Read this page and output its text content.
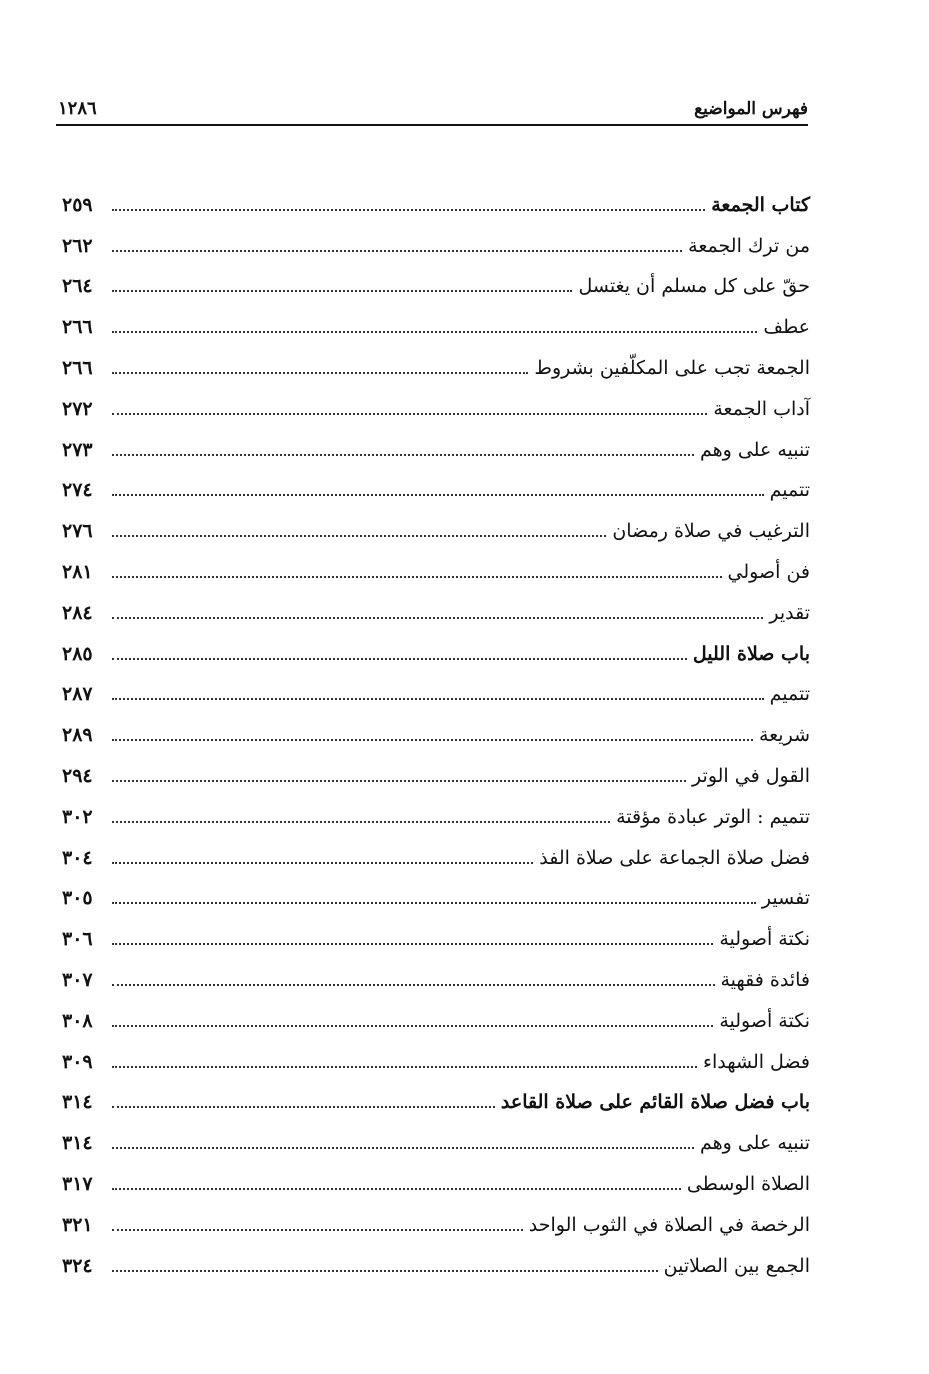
فهرس المواضيع
١٢٨٦
كتاب الجمعة
٢٥٩
من ترك الجمعة
٢٦٢
حقّ على كل مسلم أن يغتسل
٢٦٤
عطف
٢٦٦
الجمعة تجب على المكلّفين بشروط
٢٦٦
آداب الجمعة
٢٧٢
تنبيه على وهم
٢٧٣
تتميم
٢٧٤
الترغيب في صلاة رمضان
٢٧٦
فن أصولي
٢٨١
تقدير
٢٨٤
باب صلاة الليل
٢٨٥
تتميم
٢٨٧
شريعة
٢٨٩
القول في الوتر
٢٩٤
تتميم : الوتر عبادة مؤقتة
٣٠٢
فضل صلاة الجماعة على صلاة الفذ
٣٠٤
تفسير
٣٠٥
نكتة أصولية
٣٠٦
فائدة فقهية
٣٠٧
نكتة أصولية
٣٠٨
فضل الشهداء
٣٠٩
باب فضل صلاة القائم على صلاة القاعد
٣١٤
تنبيه على وهم
٣١٤
الصلاة الوسطى
٣١٧
الرخصة في الصلاة في الثوب الواحد
٣٢١
الجمع بين الصلاتين
٣٢٤
